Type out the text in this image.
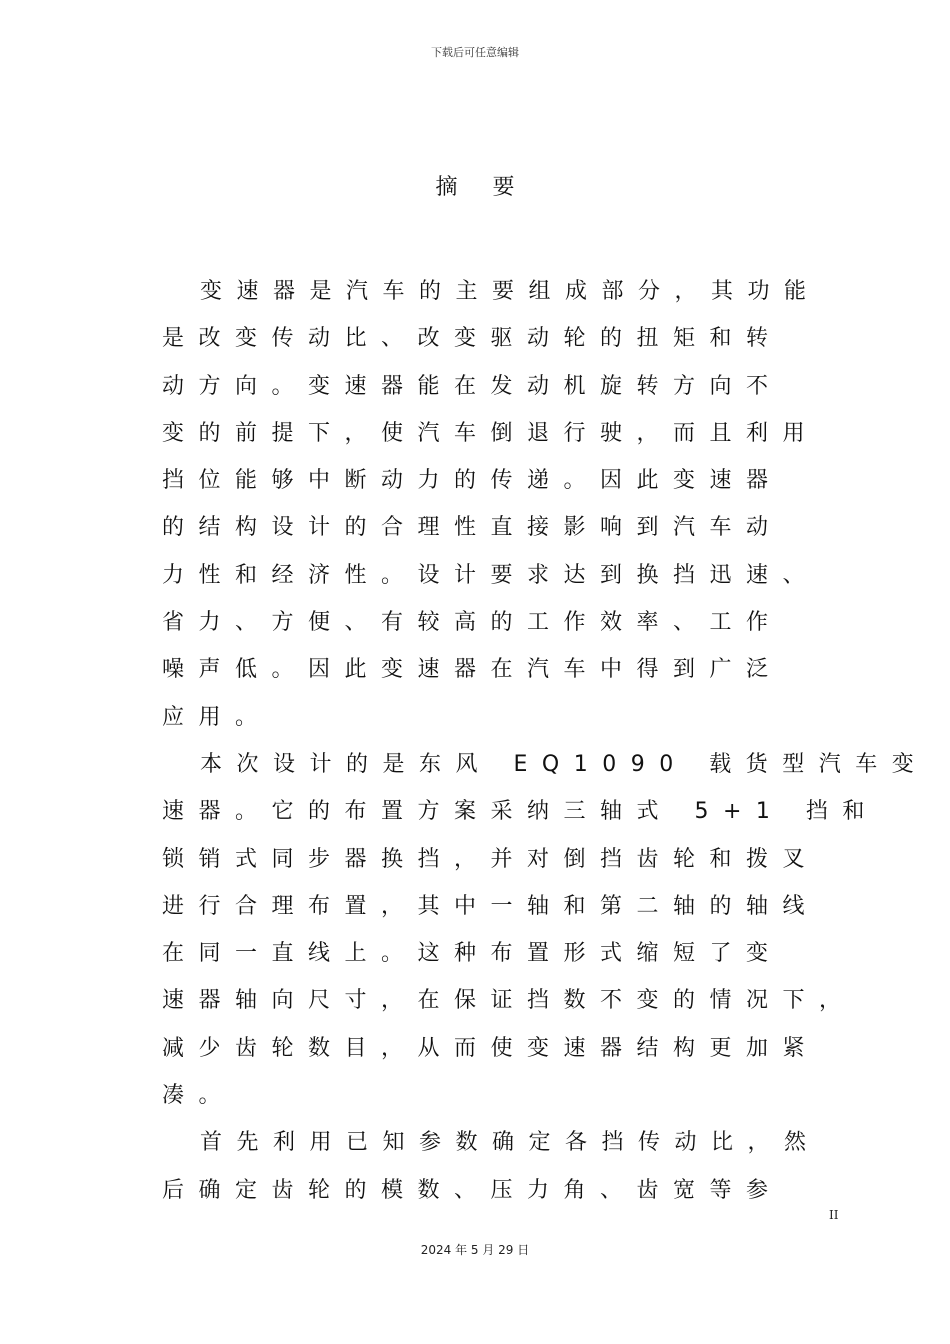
下载后可任意编辑
摘 要
变速器是汽车的主要组成部分，其功能
是改变传动比、改变驱动轮的扭矩和转
动方向。变速器能在发动机旋转方向不
变的前提下，使汽车倒退行驶，而且利用
挡位能够中断动力的传递。因此变速器
的结构设计的合理性直接影响到汽车动
力性和经济性。设计要求达到换挡迅速、
省力、方便、有较高的工作效率、工作
噪声低。因此变速器在汽车中得到广泛
应用。
本次设计的是东风 EQ1090 载货型汽车变
速器。它的布置方案采纳三轴式 5+1 挡和
锁销式同步器换挡，并对倒挡齿轮和拨叉
进行合理布置，其中一轴和第二轴的轴线
在同一直线上。这种布置形式缩短了变
速器轴向尺寸，在保证挡数不变的情况下，
减少齿轮数目，从而使变速器结构更加紧
凑。
首先利用已知参数确定各挡传动比，然
后确定齿轮的模数、压力角、齿宽等参
II
2024 年 5 月 29 日
